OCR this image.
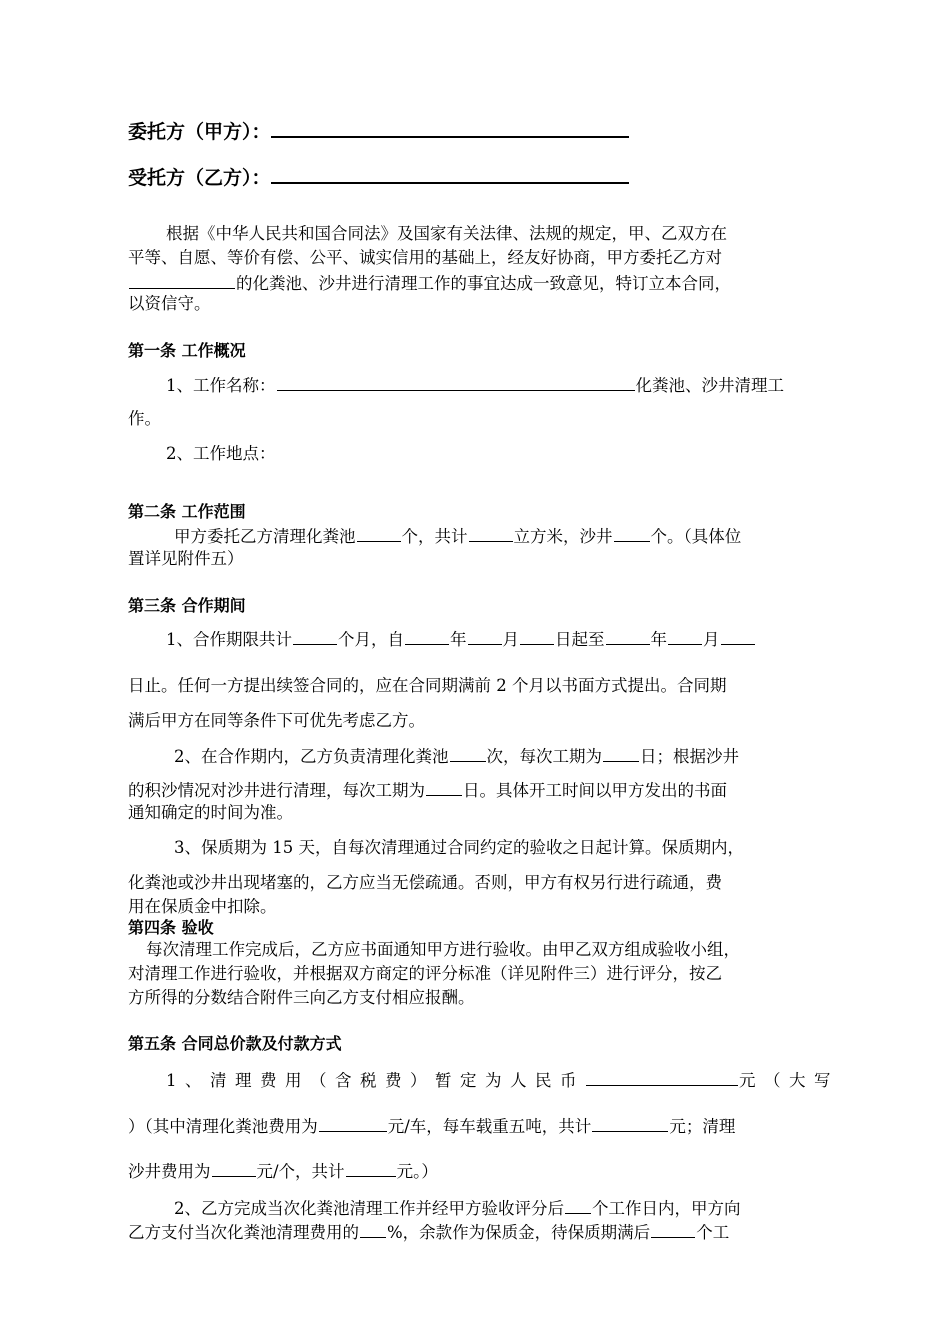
委托方（甲方）：
受托方（乙方）：
根据《中华人民共和国合同法》及国家有关法律、法规的规定，甲、乙双方在
平等、自愿、等价有偿、公平、诚实信用的基础上，经友好协商，甲方委托乙方对
的化粪池、沙井进行清理工作的事宜达成一致意见，特订立本合同，
以资信守。
第一条 工作概况
1、工作名称：	化粪池、沙井清理工
作。
2、工作地点：
第二条 工作范围
甲方委托乙方清理化粪池	个，共计	立方米，沙井 个。（具体位
置详见附件五）
第三条 合作期间
1、合作期限共计	个月，自	年 月 日起至	年 月
日止。任何一方提出续签合同的，应在合同期满前 2 个月以书面方式提出。合同期
满后甲方在同等条件下可优先考虑乙方。
2、在合作期内，乙方负责清理化粪池 次，每次工期为 日；根据沙井
的积沙情况对沙井进行清理，每次工期为 日。具体开工时间以甲方发出的书面
通知确定的时间为准。
3、保质期为 15 天，自每次清理通过合同约定的验收之日起计算。保质期内，
化粪池或沙井出现堵塞的，乙方应当无偿疏通。否则，甲方有权另行进行疏通，费
用在保质金中扣除。
第四条 验收
每次清理工作完成后，乙方应书面通知甲方进行验收。由甲乙双方组成验收小组，
对清理工作进行验收，并根据双方商定的评分标准（详见附件三）进行评分，按乙
方所得的分数结合附件三向乙方支付相应报酬。
第五条 合同总价款及付款方式
1、清理费用（含税费）暂定为人民币	元（大写
）（其中清理化粪池费用为	元/车，每车载重五吨，共计	元；清理
沙井费用为	元/个，共计	元。）
2、乙方完成当次化粪池清理工作并经甲方验收评分后 个工作日内，甲方向
乙方支付当次化粪池清理费用的 %，余款作为保质金，待保质期满后	个工
